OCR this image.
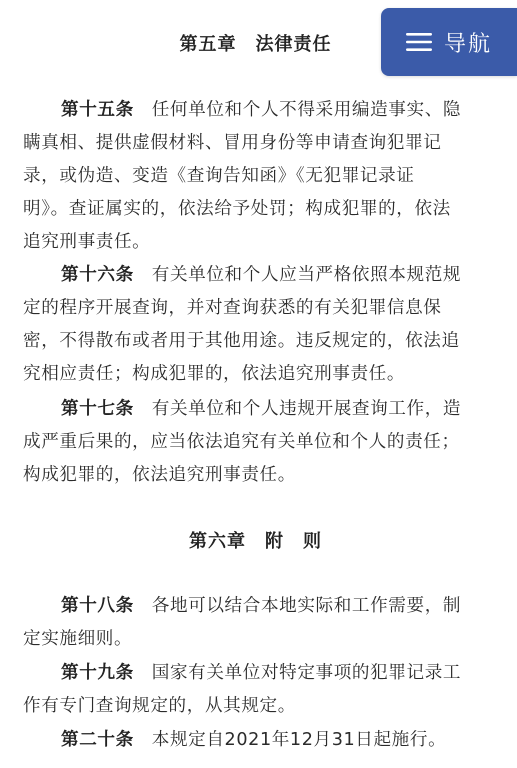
第五章　法律责任

第十五条 任何单位和个人不得采用编造事实、隐
瞒真相、提供虚假材料、冒用身份等申请查询犯罪记
录，或伪造、变造《查询告知函》《无犯罪记录证
明》。查证属实的，依法给予处罚；构成犯罪的，依法
追究刑事责任。

第十六条 有关单位和个人应当严格依照本规范规
定的程序开展查询，并对查询获悉的有关犯罪信息保
密，不得散布或者用于其他用途。违反规定的，依法追
究相应责任；构成犯罪的，依法追究刑事责任。

第十七条 有关单位和个人违规开展查询工作，造
成严重后果的，应当依法追究有关单位和个人的责任；
构成犯罪的，依法追究刑事责任。

第六章　附　则

第十八条 各地可以结合本地实际和工作需要，制
定实施细则。

第十九条 国家有关单位对特定事项的犯罪记录工
作有专门查询规定的，从其规定。

第二十条 本规定自2021年12月31日起施行。

导航
